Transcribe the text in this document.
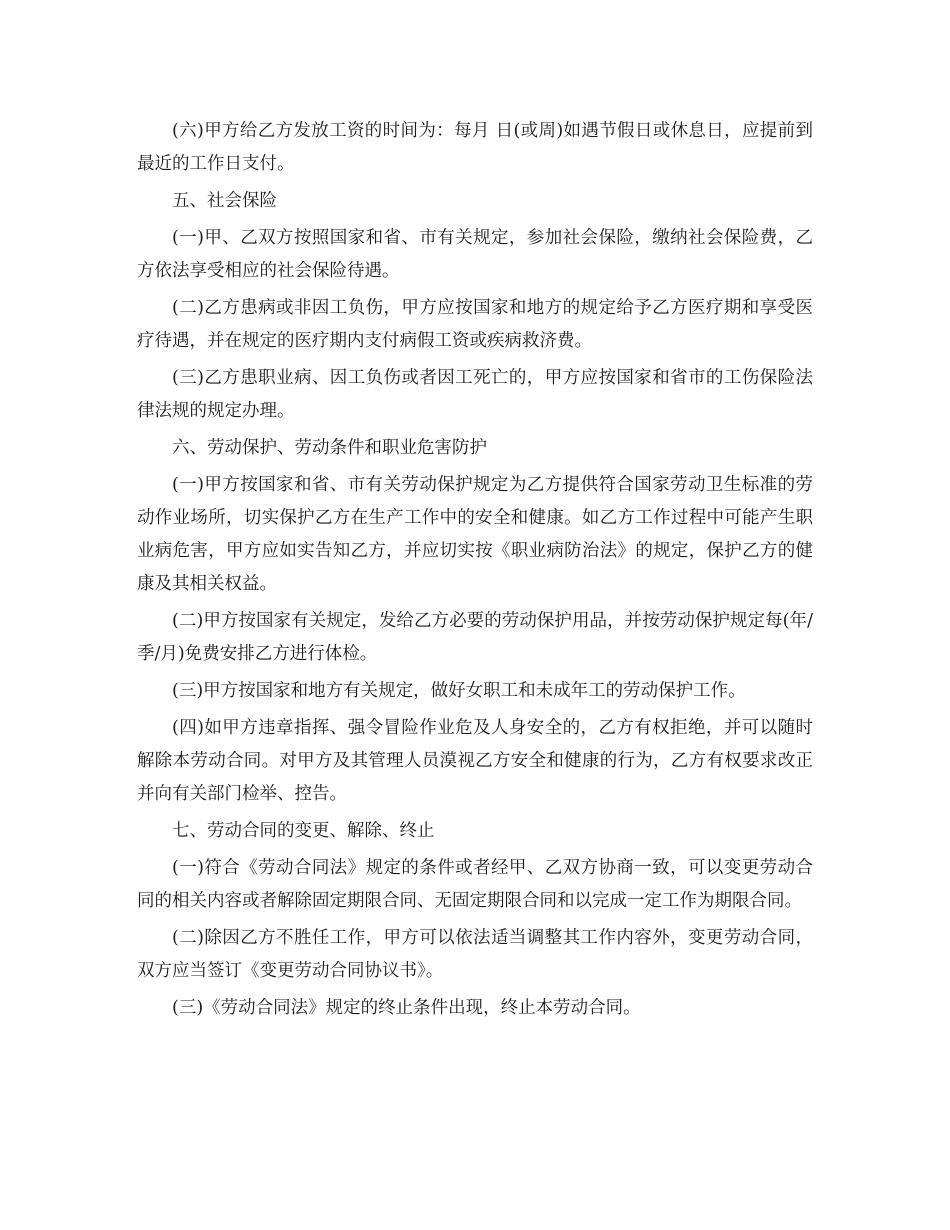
(六)甲方给乙方发放工资的时间为：每月 日(或周)如遇节假日或休息日，应提前到最近的工作日支付。

五、社会保险

(一)甲、乙双方按照国家和省、市有关规定，参加社会保险，缴纳社会保险费，乙方依法享受相应的社会保险待遇。

(二)乙方患病或非因工负伤，甲方应按国家和地方的规定给予乙方医疗期和享受医疗待遇，并在规定的医疗期内支付病假工资或疾病救济费。

(三)乙方患职业病、因工负伤或者因工死亡的，甲方应按国家和省市的工伤保险法律法规的规定办理。

六、劳动保护、劳动条件和职业危害防护

(一)甲方按国家和省、市有关劳动保护规定为乙方提供符合国家劳动卫生标准的劳动作业场所，切实保护乙方在生产工作中的安全和健康。如乙方工作过程中可能产生职业病危害，甲方应如实告知乙方，并应切实按《职业病防治法》的规定，保护乙方的健康及其相关权益。

(二)甲方按国家有关规定，发给乙方必要的劳动保护用品，并按劳动保护规定每(年/季/月)免费安排乙方进行体检。

(三)甲方按国家和地方有关规定，做好女职工和未成年工的劳动保护工作。

(四)如甲方违章指挥、强令冒险作业危及人身安全的，乙方有权拒绝，并可以随时解除本劳动合同。对甲方及其管理人员漠视乙方安全和健康的行为，乙方有权要求改正并向有关部门检举、控告。

七、劳动合同的变更、解除、终止

(一)符合《劳动合同法》规定的条件或者经甲、乙双方协商一致，可以变更劳动合同的相关内容或者解除固定期限合同、无固定期限合同和以完成一定工作为期限合同。

(二)除因乙方不胜任工作，甲方可以依法适当调整其工作内容外，变更劳动合同，双方应当签订《变更劳动合同协议书》。

(三)《劳动合同法》规定的终止条件出现，终止本劳动合同。
